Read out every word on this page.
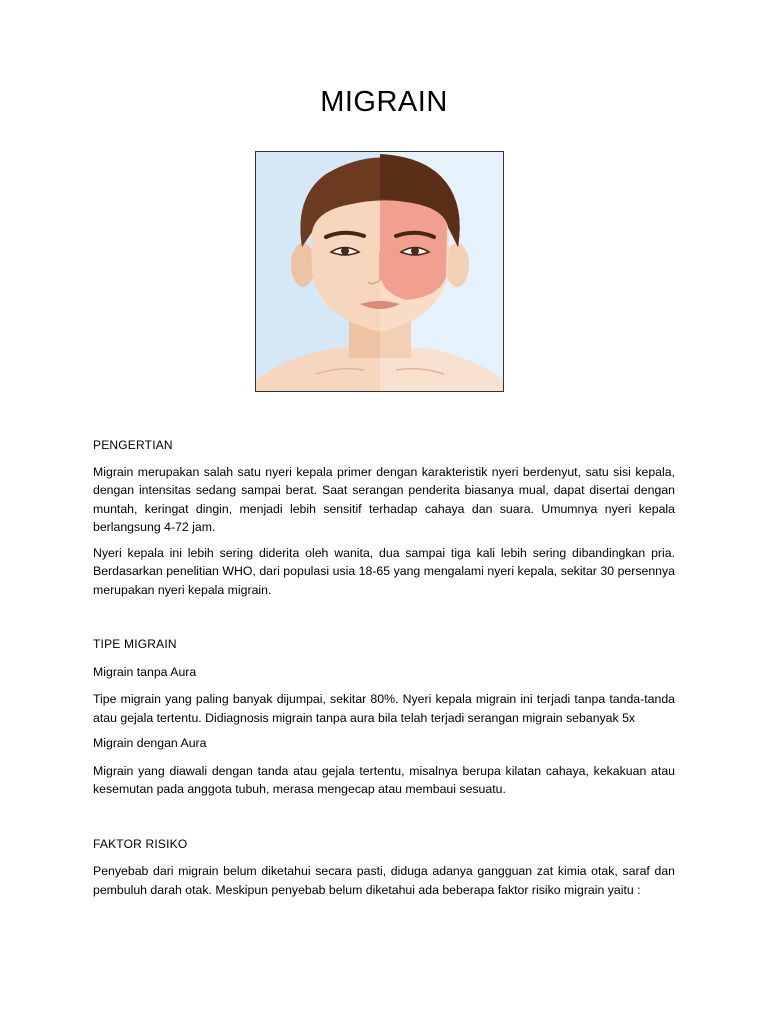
MIGRAIN
PENGERTIAN

Migrain merupakan salah satu nyeri kepala primer dengan karakteristik nyeri berdenyut, satu sisi kepala, dengan intensitas sedang sampai berat. Saat serangan penderita biasanya mual, dapat disertai dengan muntah, keringat dingin, menjadi lebih sensitif terhadap cahaya dan suara. Umumnya nyeri kepala berlangsung 4-72 jam.

Nyeri kepala ini lebih sering diderita oleh wanita, dua sampai tiga kali lebih sering dibandingkan pria. Berdasarkan penelitian WHO, dari populasi usia 18-65 yang mengalami nyeri kepala, sekitar 30 persennya merupakan nyeri kepala migrain.

TIPE MIGRAIN
Migrain tanpa Aura

Tipe migrain yang paling banyak dijumpai, sekitar 80%. Nyeri kepala migrain ini terjadi tanpa tanda-tanda atau gejala tertentu. Didiagnosis migrain tanpa aura bila telah terjadi serangan migrain sebanyak 5x

Migrain dengan Aura

Migrain yang diawali dengan tanda atau gejala tertentu, misalnya berupa kilatan cahaya, kekakuan atau kesemutan pada anggota tubuh, merasa mengecap atau membaui sesuatu.

FAKTOR RISIKO

Penyebab dari migrain belum diketahui secara pasti, diduga adanya gangguan zat kimia otak, saraf dan pembuluh darah otak. Meskipun penyebab belum diketahui ada beberapa faktor risiko migrain yaitu :
